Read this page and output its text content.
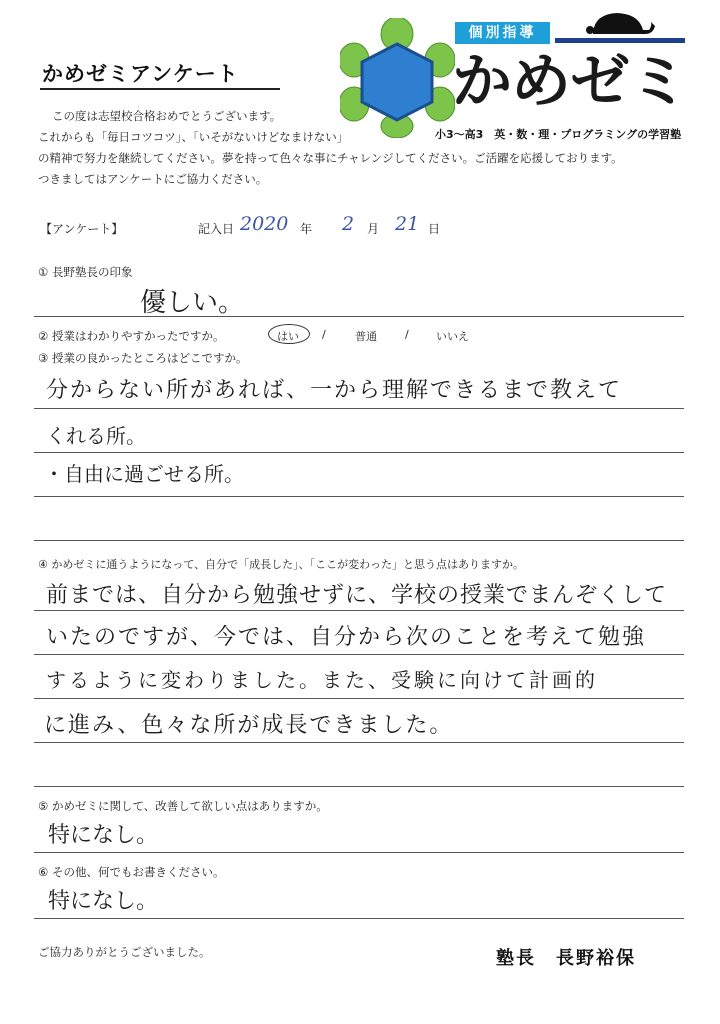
かめゼミアンケート
個別指導
かめゼミ
小3～高3　英・数・理・プログラミングの学習塾
この度は志望校合格おめでとうございます。
これからも「毎日コツコツ」、「いそがないけどなまけない」
の精神で努力を継続してください。夢を持って色々な事にチャレンジしてください。ご活躍を応援しております。
つきましてはアンケートにご協力ください。
【アンケート】	記入日 2020 年 2 月 21 日
① 長野塾長の印象
優しい。
② 授業はわかりやすかったですか。	はい /	普通	/ いいえ
③ 授業の良かったところはどこですか。
分からない所があれば、一から理解できるまで教えて
くれる所。
・自由に過ごせる所。
④ かめゼミに通うようになって、自分で「成長した」、「ここが変わった」と思う点はありますか。
前までは、自分から勉強せずに、学校の授業でまんぞくして
いたのですが、今では、自分から次のことを考えて勉強
するように変わりました。また、受験に向けて計画的
に進み、色々な所が成長できました。
⑤ かめゼミに関して、改善して欲しい点はありますか。
特になし。
⑥ その他、何でもお書きください。
特になし。
ご協力ありがとうございました。	塾長　長野裕保
